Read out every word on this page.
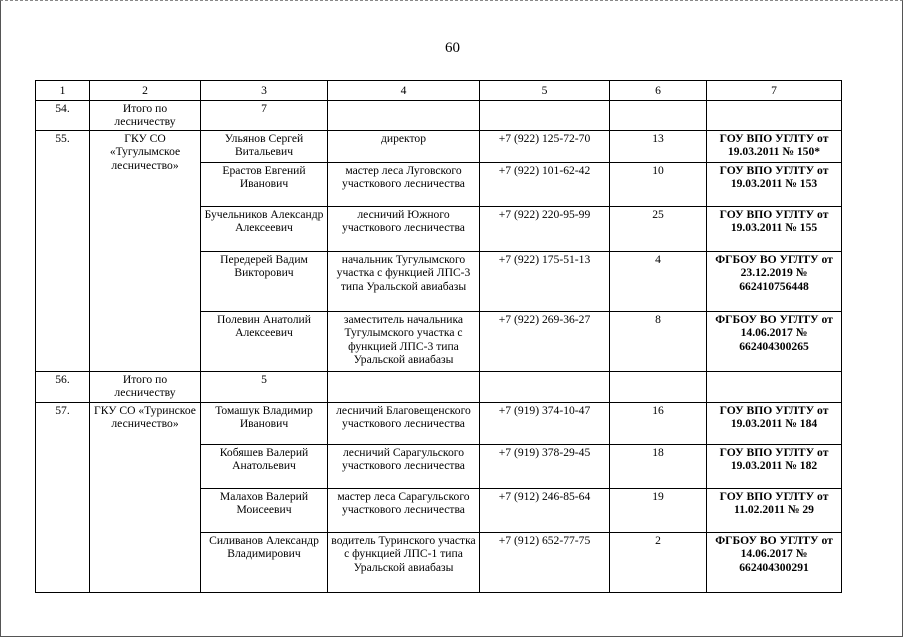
60
1	2	3	4	5	6	7
54.	Итого по лесничеству	7				
55.	ГКУ СО «Тугулымское лесничество»	Ульянов Сергей Витальевич	директор	+7 (922) 125-72-70	13	ГОУ ВПО УГЛТУ от 19.03.2011 № 150*
		Ерастов Евгений Иванович	мастер леса Луговского участкового лесничества	+7 (922) 101-62-42	10	ГОУ ВПО УГЛТУ от 19.03.2011 № 153
		Бучельников Александр Алексеевич	лесничий Южного участкового лесничества	+7 (922) 220-95-99	25	ГОУ ВПО УГЛТУ от 19.03.2011 № 155
		Передерей Вадим Викторович	начальник Тугулымского участка с функцией ЛПС-3 типа Уральской авиабазы	+7 (922) 175-51-13	4	ФГБОУ ВО УГЛТУ от 23.12.2019 № 662410756448
		Полевин Анатолий Алексеевич	заместитель начальника Тугулымского участка с функцией ЛПС-3 типа Уральской авиабазы	+7 (922) 269-36-27	8	ФГБОУ ВО УГЛТУ от 14.06.2017 № 662404300265
56.	Итого по лесничеству	5				
57.	ГКУ СО «Туринское лесничество»	Томашук Владимир Иванович	лесничий Благовещенского участкового лесничества	+7 (919) 374-10-47	16	ГОУ ВПО УГЛТУ от 19.03.2011 № 184
		Кобяшев Валерий Анатольевич	лесничий Сарагульского участкового лесничества	+7 (919) 378-29-45	18	ГОУ ВПО УГЛТУ от 19.03.2011 № 182
		Малахов Валерий Моисеевич	мастер леса Сарагульского участкового лесничества	+7 (912) 246-85-64	19	ГОУ ВПО УГЛТУ от 11.02.2011 № 29
		Силиванов Александр Владимирович	водитель Туринского участка с функцией ЛПС-1 типа Уральской авиабазы	+7 (912) 652-77-75	2	ФГБОУ ВО УГЛТУ от 14.06.2017 № 662404300291
